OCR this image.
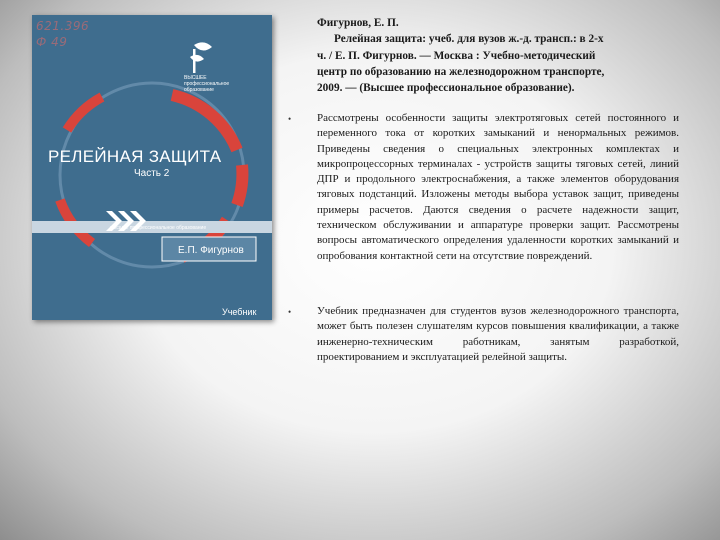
621.396
Ф 49
ВЫСШЕЕ
профессиональное
образование
РЕЛЕЙНАЯ ЗАЩИТА
Часть 2
высшее профессиональное образование
Е.П. Фигурнов
Учебник
Фигурнов, Е. П.
Релейная защита: учеб. для вузов ж.-д. трансп.: в 2-х
ч. / Е. П. Фигурнов. — Москва : Учебно-методический
центр по образованию на железнодорожном транспорте,
2009. — (Высшее профессиональное образование).
• Рассмотрены особенности защиты электротяговых сетей постоянного и переменного тока от коротких замыканий и ненормальных режимов. Приведены сведения о специальных электронных комплектах и микропроцессорных терминалах - устройств защиты тяговых сетей, линий ДПР и продольного электроснабжения, а также элементов оборудования тяговых подстанций. Изложены методы выбора уставок защит, приведены примеры расчетов. Даются сведения о расчете надежности защит, техническом обслуживании и аппаратуре проверки защит. Рассмотрены вопросы автоматического определения удаленности коротких замыканий и опробования контактной сети на отсутствие повреждений.

• Учебник предназначен для студентов вузов железнодорожного транспорта, может быть полезен слушателям курсов повышения квалификации, а также инженерно-техническим работникам, занятым разработкой, проектированием и эксплуатацией релейной защиты.
